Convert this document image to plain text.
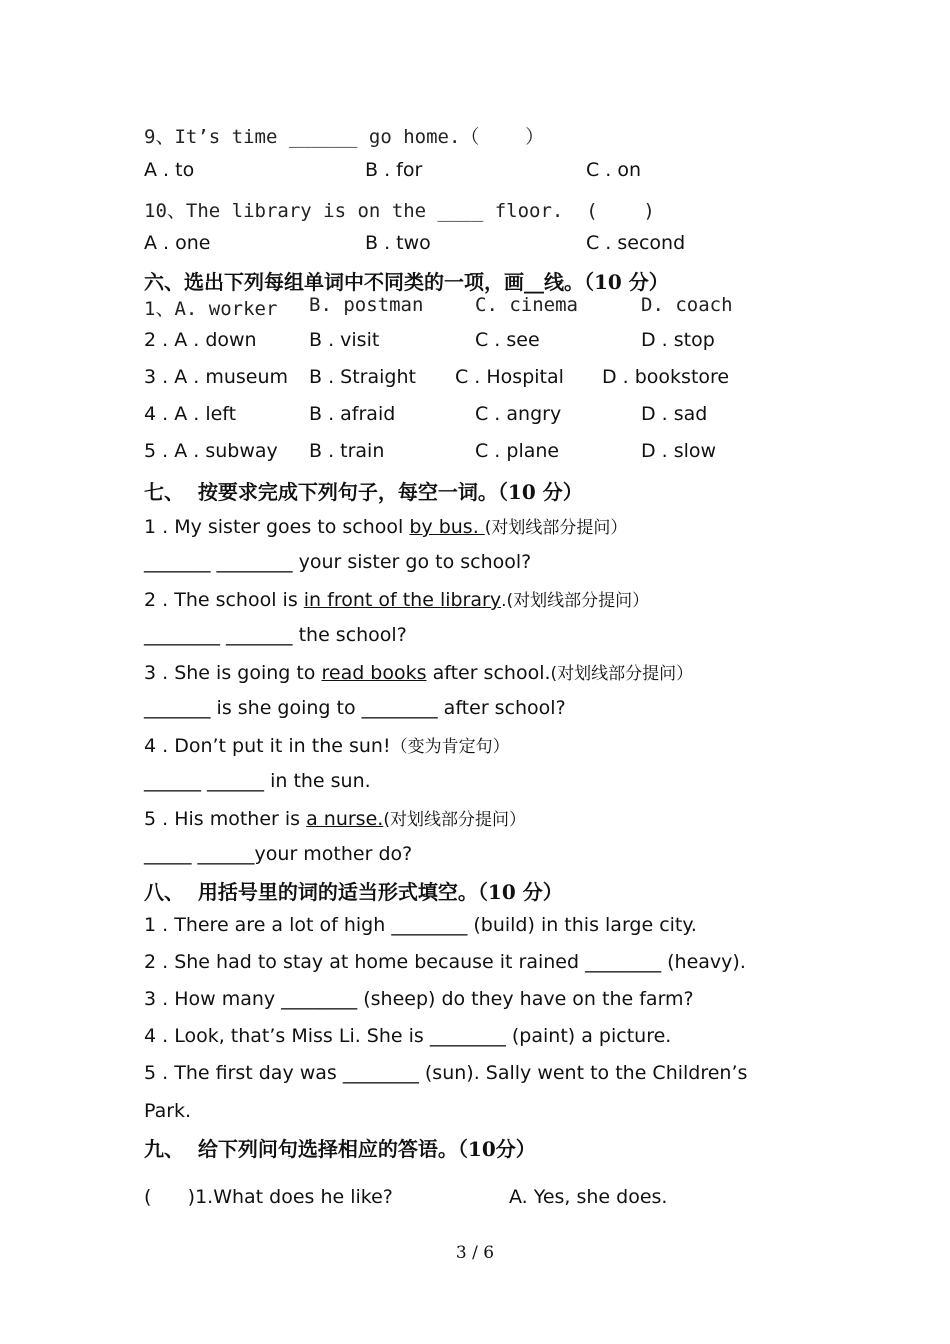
9、It’s time ______ go home.（    ）
A . to	B . for	C . on
10、The library is on the ____ floor.  (    )
A . one	B . two	C . second
六、选出下列每组单词中不同类的一项，画__线。（10 分）
1、A. worker B. postman	C. cinema	D. coach
2 . A . down	B . visit	C . see	D . stop
3 . A . museum B . Straight C . Hospital D . bookstore
4 . A . left	B . afraid	C . angry	D . sad
5 . A . subway B . train	C . plane	D . slow
七、  按要求完成下列句子，每空一词。（10 分）
1 . My sister goes to school by bus. (对划线部分提问）
_______ ________ your sister go to school?
2 . The school is in front of the library.(对划线部分提问）
________ _______ the school?
3 . She is going to read books after school.(对划线部分提问）
_______ is she going to ________ after school?
4 . Don’t put it in the sun!（变为肯定句）
______ ______ in the sun.
5 . His mother is a nurse.(对划线部分提问）
_____ ______your mother do?
八、  用括号里的词的适当形式填空。（10 分）
1 . There are a lot of high ________ (build) in this large city.
2 . She had to stay at home because it rained ________ (heavy).
3 . How many ________ (sheep) do they have on the farm?
4 . Look, that’s Miss Li. She is ________ (paint) a picture.
5 . The first day was ________ (sun). Sally went to the Children’s
Park.
九、  给下列问句选择相应的答语。（10分）
(      )1.What does he like?	A. Yes, she does.
3 / 6
